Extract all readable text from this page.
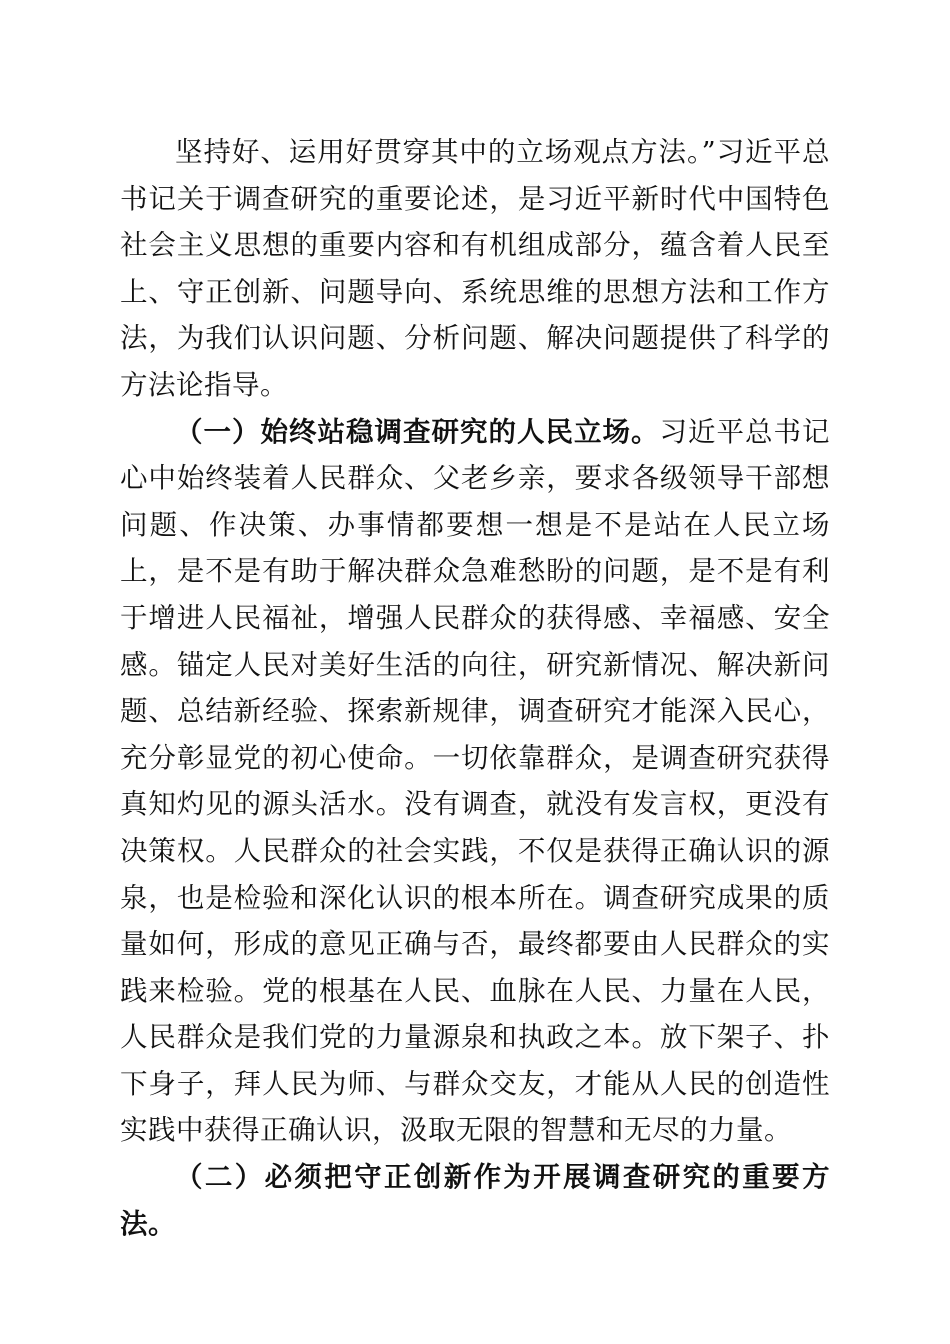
坚持好、运用好贯穿其中的立场观点方法。”习近平总书记关于调查研究的重要论述，是习近平新时代中国特色社会主义思想的重要内容和有机组成部分，蕴含着人民至上、守正创新、问题导向、系统思维的思想方法和工作方法，为我们认识问题、分析问题、解决问题提供了科学的方法论指导。

（一）始终站稳调查研究的人民立场。习近平总书记心中始终装着人民群众、父老乡亲，要求各级领导干部想问题、作决策、办事情都要想一想是不是站在人民立场上，是不是有助于解决群众急难愁盼的问题，是不是有利于增进人民福祉，增强人民群众的获得感、幸福感、安全感。锚定人民对美好生活的向往，研究新情况、解决新问题、总结新经验、探索新规律，调查研究才能深入民心，充分彰显党的初心使命。一切依靠群众，是调查研究获得真知灼见的源头活水。没有调查，就没有发言权，更没有决策权。人民群众的社会实践，不仅是获得正确认识的源泉，也是检验和深化认识的根本所在。调查研究成果的质量如何，形成的意见正确与否，最终都要由人民群众的实践来检验。党的根基在人民、血脉在人民、力量在人民，人民群众是我们党的力量源泉和执政之本。放下架子、扑下身子，拜人民为师、与群众交友，才能从人民的创造性实践中获得正确认识，汲取无限的智慧和无尽的力量。

（二）必须把守正创新作为开展调查研究的重要方法。
